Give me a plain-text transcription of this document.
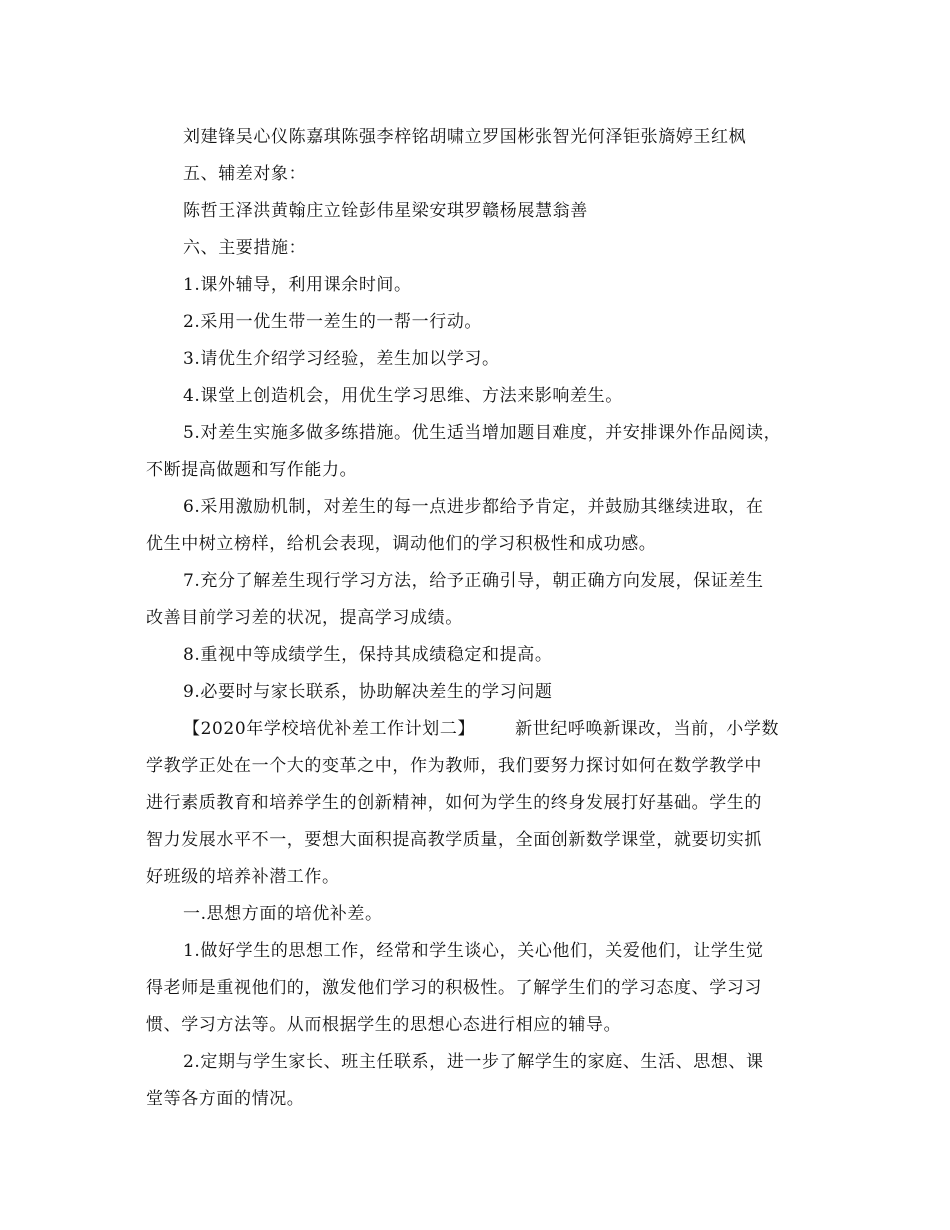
刘建锋吴心仪陈嘉琪陈强李梓铭胡啸立罗国彬张智光何泽钜张旖婷王红枫
五、辅差对象：
陈哲王泽洪黄翰庄立铨彭伟星梁安琪罗赣杨展慧翁善
六、主要措施：
1.课外辅导，利用课余时间。
2.采用一优生带一差生的一帮一行动。
3.请优生介绍学习经验，差生加以学习。
4.课堂上创造机会，用优生学习思维、方法来影响差生。
5.对差生实施多做多练措施。优生适当增加题目难度，并安排课外作品阅读，
不断提高做题和写作能力。
6.采用激励机制，对差生的每一点进步都给予肯定，并鼓励其继续进取，在
优生中树立榜样，给机会表现，调动他们的学习积极性和成功感。
7.充分了解差生现行学习方法，给予正确引导，朝正确方向发展，保证差生
改善目前学习差的状况，提高学习成绩。
8.重视中等成绩学生，保持其成绩稳定和提高。
9.必要时与家长联系，协助解决差生的学习问题
【2020年学校培优补差工作计划二】 新世纪呼唤新课改，当前，小学数
学教学正处在一个大的变革之中，作为教师，我们要努力探讨如何在数学教学中
进行素质教育和培养学生的创新精神，如何为学生的终身发展打好基础。学生的
智力发展水平不一，要想大面积提高教学质量，全面创新数学课堂，就要切实抓
好班级的培养补潜工作。
一.思想方面的培优补差。
1.做好学生的思想工作，经常和学生谈心，关心他们，关爱他们，让学生觉
得老师是重视他们的，激发他们学习的积极性。了解学生们的学习态度、学习习
惯、学习方法等。从而根据学生的思想心态进行相应的辅导。
2.定期与学生家长、班主任联系，进一步了解学生的家庭、生活、思想、课
堂等各方面的情况。
